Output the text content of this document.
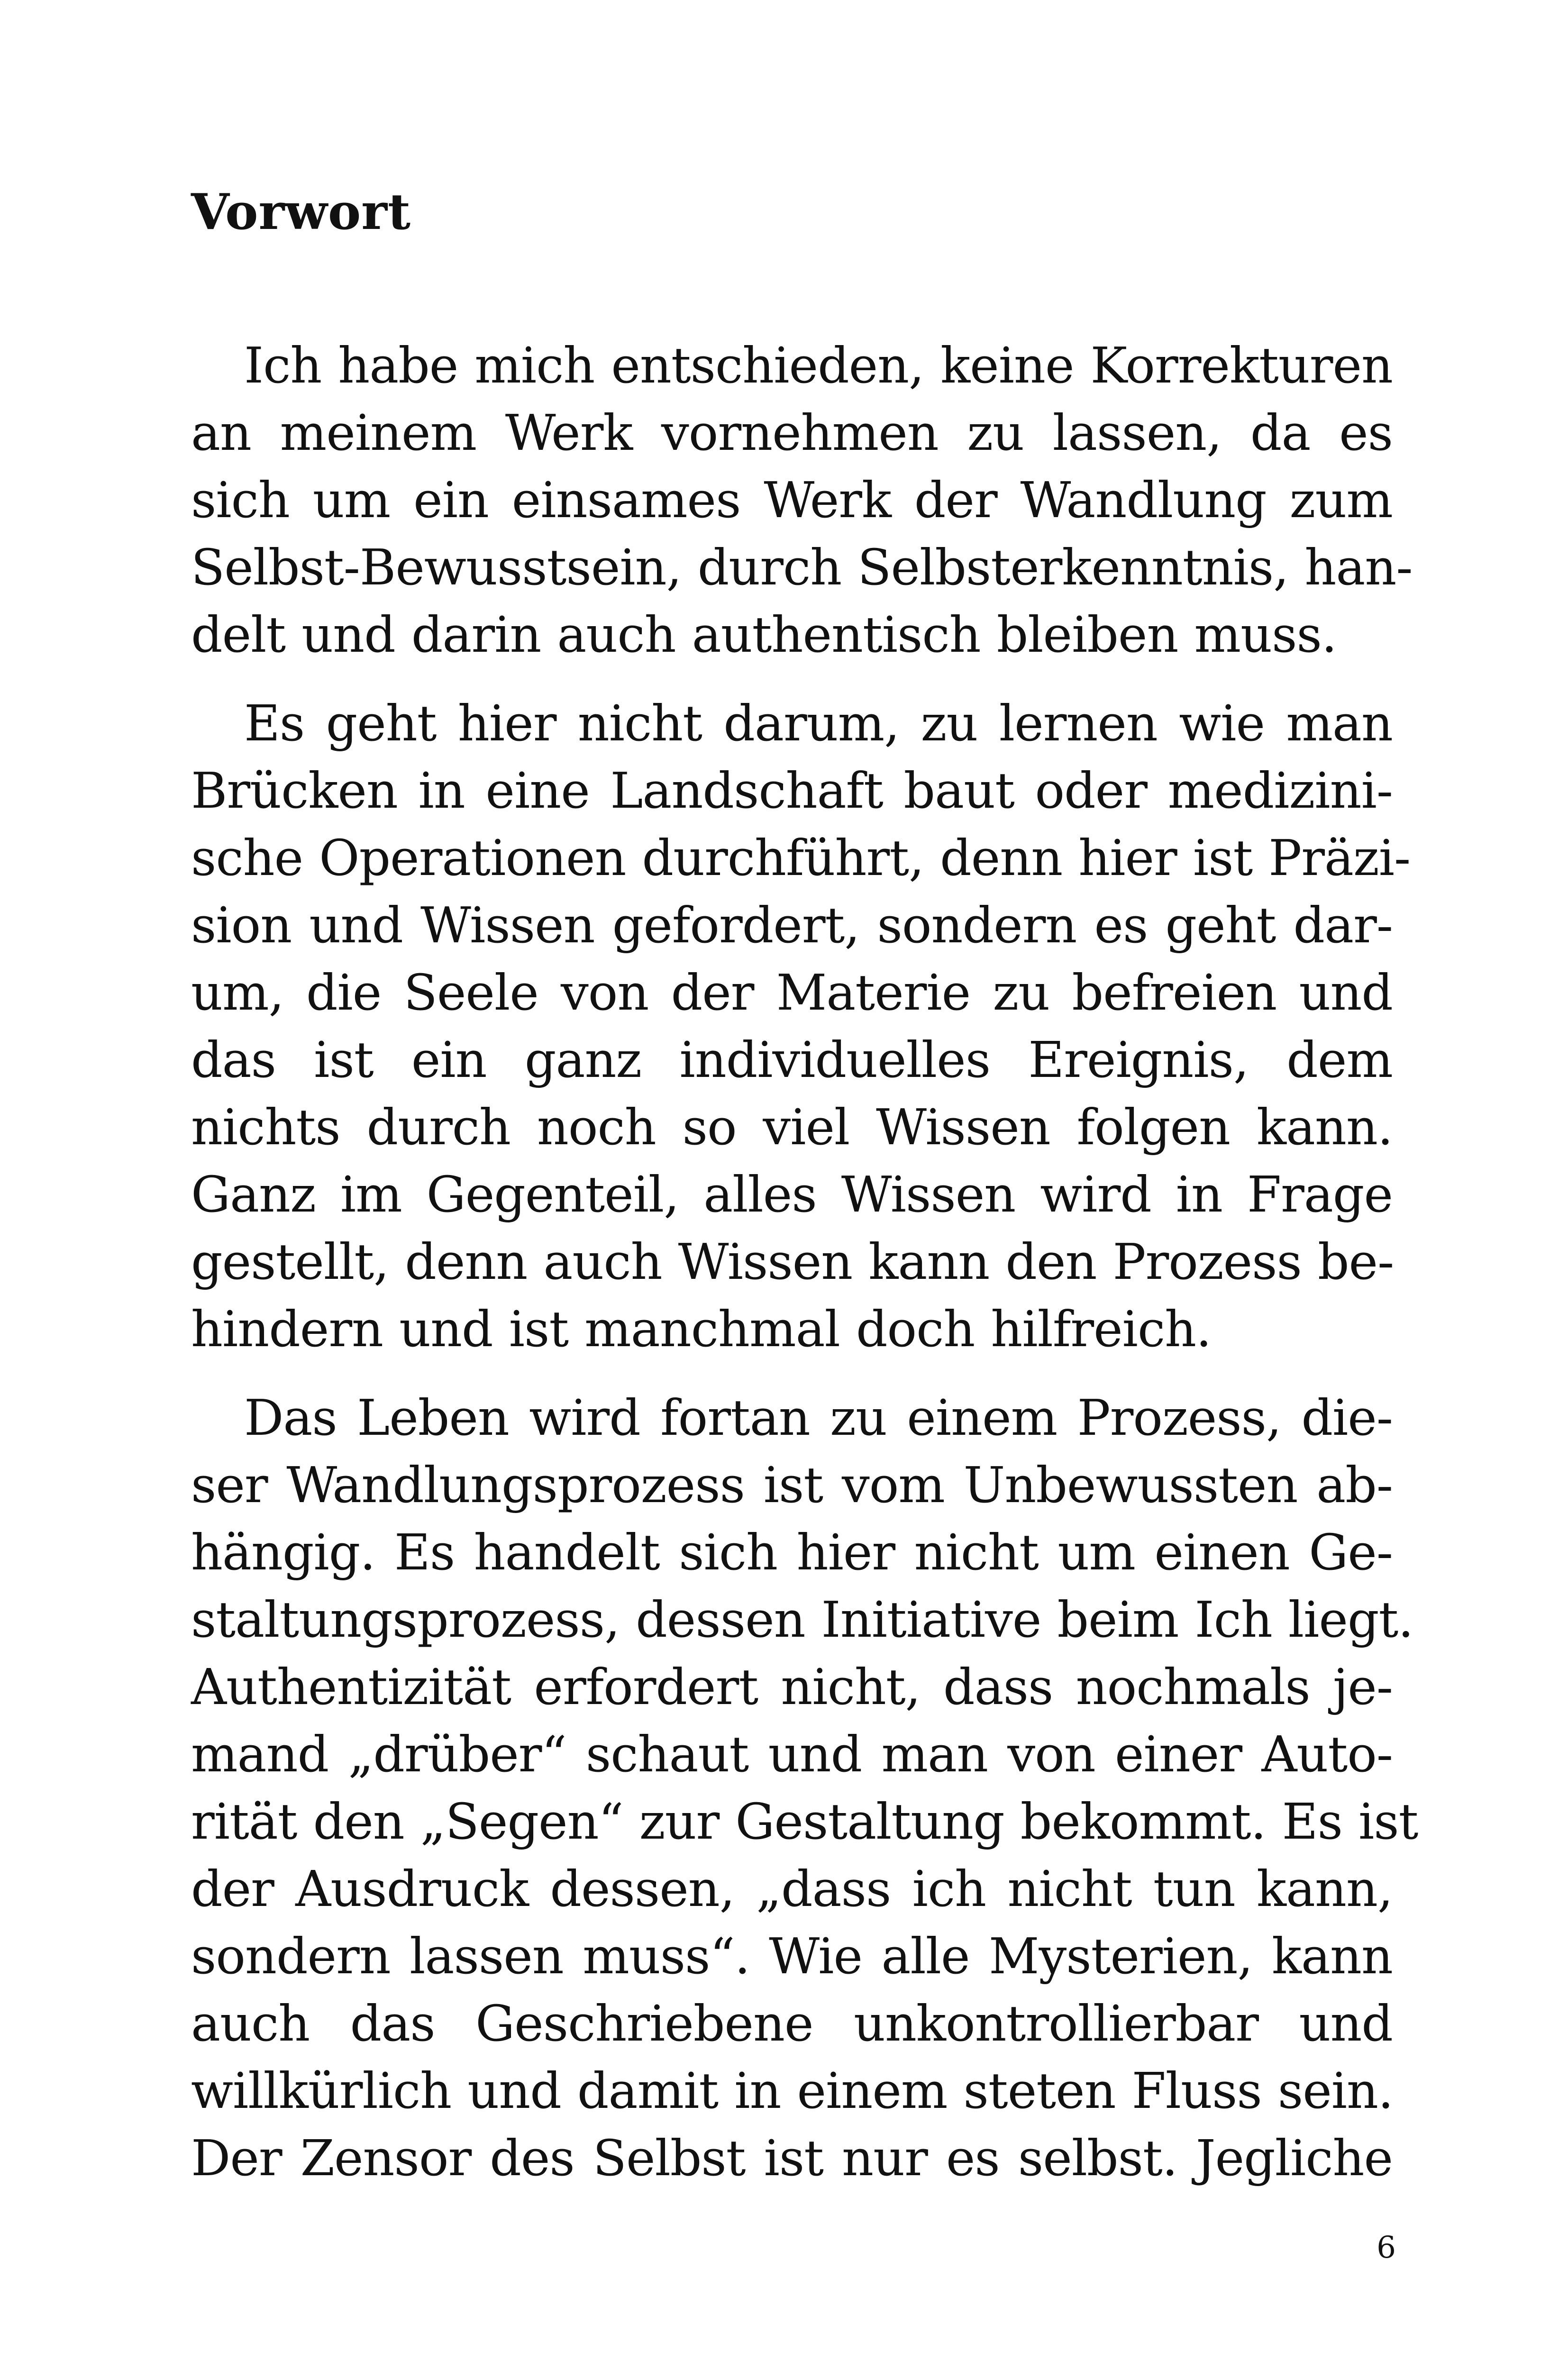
Vorwort
Ich habe mich entschieden, keine Korrekturen
an meinem Werk vornehmen zu lassen, da es
sich um ein einsames Werk der Wandlung zum
Selbst-Bewusstsein, durch Selbsterkenntnis, han-
delt und darin auch authentisch bleiben muss.
Es geht hier nicht darum, zu lernen wie man
Brücken in eine Landschaft baut oder medizini-
sche Operationen durchführt, denn hier ist Präzi-
sion und Wissen gefordert, sondern es geht dar-
um, die Seele von der Materie zu befreien und
das ist ein ganz individuelles Ereignis, dem
nichts durch noch so viel Wissen folgen kann.
Ganz im Gegenteil, alles Wissen wird in Frage
gestellt, denn auch Wissen kann den Prozess be-
hindern und ist manchmal doch hilfreich.
Das Leben wird fortan zu einem Prozess, die-
ser Wandlungsprozess ist vom Unbewussten ab-
hängig. Es handelt sich hier nicht um einen Ge-
staltungsprozess, dessen Initiative beim Ich liegt.
Authentizität erfordert nicht, dass nochmals je-
mand „drüber“ schaut und man von einer Auto-
rität den „Segen“ zur Gestaltung bekommt. Es ist
der Ausdruck dessen, „dass ich nicht tun kann,
sondern lassen muss“. Wie alle Mysterien, kann
auch das Geschriebene unkontrollierbar und
willkürlich und damit in einem steten Fluss sein.
Der Zensor des Selbst ist nur es selbst. Jegliche
6
